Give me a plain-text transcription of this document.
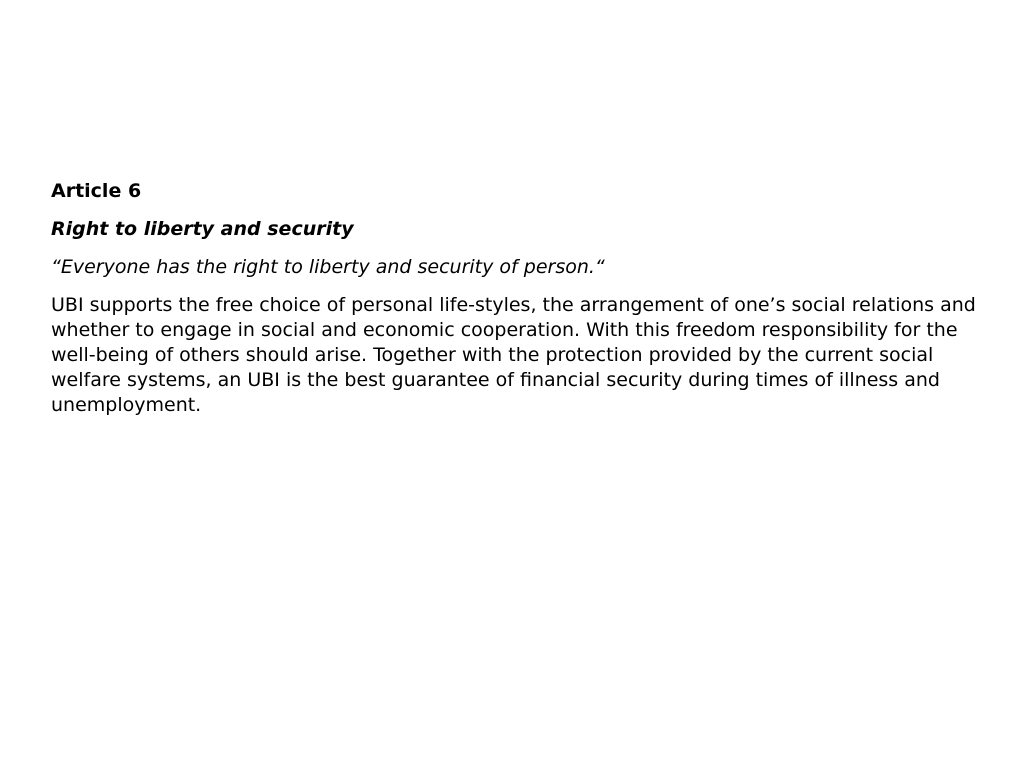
Article 6

Right to liberty and security

“Everyone has the right to liberty and security of person.“

UBI supports the free choice of personal life-styles, the arrangement of one’s social relations and whether to engage in social and economic cooperation. With this freedom responsibility for the well-being of others should arise. Together with the protection provided by the current social welfare systems, an UBI is the best guarantee of financial security during times of illness and unemployment.
